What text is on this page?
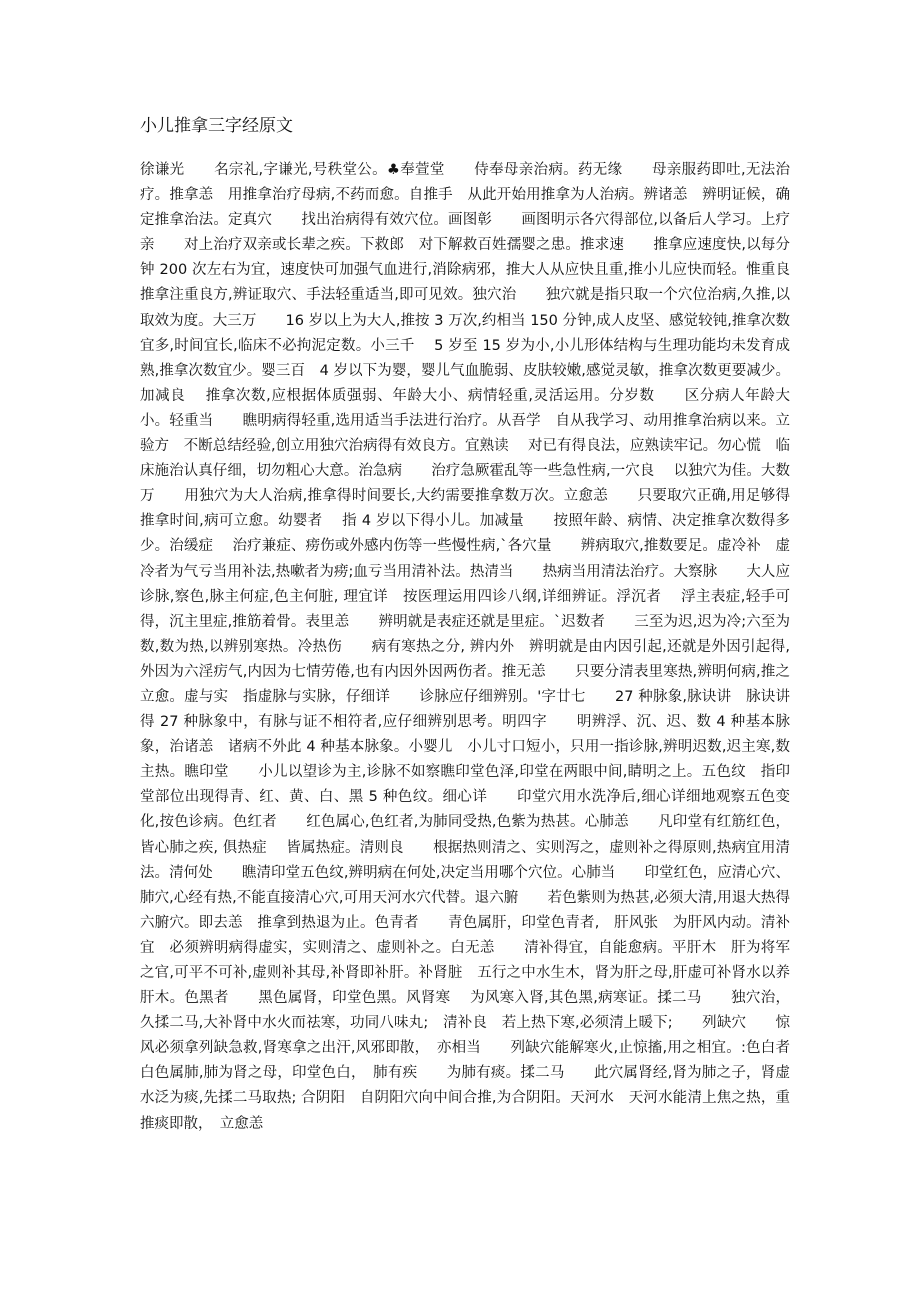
小儿推拿三字经原文

徐谦光　　名宗礼,字谦光,号秩堂公。♣奉萱堂　　侍奉母亲治病。药无缘　　母亲服药即吐,无法治疗。推拿恙　用推拿治疗母病,不药而愈。自推手　从此开始用推拿为人治病。辨诸恙　辨明证候，确定推拿治法。定真穴　　找出治病得有效穴位。画图彰　　画图明示各穴得部位,以备后人学习。上疗亲　　对上治疗双亲或长辈之疾。下救郎　对下解救百姓孺婴之患。推求速　　推拿应速度快,以每分钟 200 次左右为宜，速度快可加强气血进行,消除病邪，推大人从应快且重,推小儿应快而轻。惟重良　　推拿注重良方,辨证取穴、手法轻重适当,即可见效。独穴治　　独穴就是指只取一个穴位治病,久推,以取效为度。大三万　　16 岁以上为大人,推按 3 万次,约相当 150 分钟,成人皮坚、感觉较钝,推拿次数宜多,时间宜长,临床不必拘泥定数。小三千　 5 岁至 15 岁为小,小儿形体结构与生理功能均未发育成熟,推拿次数宜少。婴三百　4 岁以下为婴，婴儿气血脆弱、皮肤较嫩,感觉灵敏，推拿次数更要减少。加减良　 推拿次数,应根据体质强弱、年龄大小、病情轻重,灵活运用。分岁数　　区分病人年龄大小。轻重当　　瞧明病得轻重,选用适当手法进行治疗。从吾学　自从我学习、动用推拿治病以来。立验方　不断总结经验,创立用独穴治病得有效良方。宜熟读　 对已有得良法，应熟读牢记。勿心慌　临床施治认真仔细，切勿粗心大意。治急病　　治疗急厥霍乱等一些急性病,一穴良　 以独穴为佳。大数万　　用独穴为大人治病,推拿得时间要长,大约需要推拿数万次。立愈恙　　只要取穴正确,用足够得推拿时间,病可立愈。幼婴者　 指 4 岁以下得小儿。加减量　　按照年龄、病情、决定推拿次数得多少。治缓症　 治疗兼症、痨伤或外感内伤等一些慢性病,`各穴量　　辨病取穴,推数要足。虚冷补　虚冷者为气亏当用补法,热嗽者为痨;血亏当用清补法。热清当　　热病当用清法治疗。大察脉　　大人应诊脉,察色,脉主何症,色主何脏, 理宜详　按医理运用四诊八纲,详细辨证。浮沉者　 浮主表症,轻手可得，沉主里症,推筋着骨。表里恙　　辨明就是表症还就是里症。`迟数者　　三至为迟,迟为冷;六至为数,数为热,以辨别寒热。冷热伤　　病有寒热之分, 辨内外　辨明就是由内因引起,还就是外因引起得,外因为六淫疠气,内因为七情劳倦,也有内因外因两伤者。推无恙　　只要分清表里寒热,辨明何病,推之立愈。虚与实　指虚脉与实脉，仔细详　　诊脉应仔细辨别。'字廿七　　27 种脉象,脉诀讲　脉诀讲得 27 种脉象中，有脉与证不相符者,应仔细辨别思考。明四字　　明辨浮、沉、迟、数 4 种基本脉象，治诸恙　诸病不外此 4 种基本脉象。小婴儿　小儿寸口短小，只用一指诊脉,辨明迟数,迟主寒,数主热。瞧印堂　　小儿以望诊为主,诊脉不如察瞧印堂色泽,印堂在两眼中间,睛明之上。五色纹　指印堂部位出现得青、红、黄、白、黑 5 种色纹。细心详　　印堂穴用水洗净后,细心详细地观察五色变化,按色诊病。色红者　　红色属心,色红者,为肺同受热,色紫为热甚。心肺恙　　凡印堂有红筋红色，皆心肺之疾, 俱热症　 皆属热症。清则良　　根据热则清之、实则泻之，虚则补之得原则,热病宜用清法。清何处　　瞧清印堂五色纹,辨明病在何处,决定当用哪个穴位。心肺当　　印堂红色，应清心穴、肺穴,心经有热,不能直接清心穴,可用天河水穴代替。退六腑　　若色紫则为热甚,必须大清,用退大热得六腑穴。即去恙　推拿到热退为止。色青者　　青色属肝，印堂色青者,　肝风张　为肝风内动。清补宜　必须辨明病得虚实，实则清之、虚则补之。白无恙　　清补得宜，自能愈病。平肝木　肝为将军之官,可平不可补,虚则补其母,补肾即补肝。补肾脏　五行之中水生木，肾为肝之母,肝虚可补肾水以养肝木。色黑者　　黑色属肾，印堂色黑。风肾寒　 为风寒入肾,其色黑,病寒证。揉二马　　独穴治，久揉二马,大补肾中水火而祛寒，功同八味丸;　清补良　若上热下寒,必须清上暖下;　　列缺穴　　惊风必须拿列缺急救,肾寒拿之出汗,风邪即散，　亦相当　　列缺穴能解寒火,止惊搐,用之相宜。:色白者　　白色属肺,肺为肾之母，印堂色白，　肺有疾　　为肺有痰。揉二马　　此穴属肾经,肾为肺之子，肾虚水泛为痰,先揉二马取热; 合阴阳　自阴阳穴向中间合推,为合阴阳。天河水　天河水能清上焦之热，重推痰即散，　立愈恙
